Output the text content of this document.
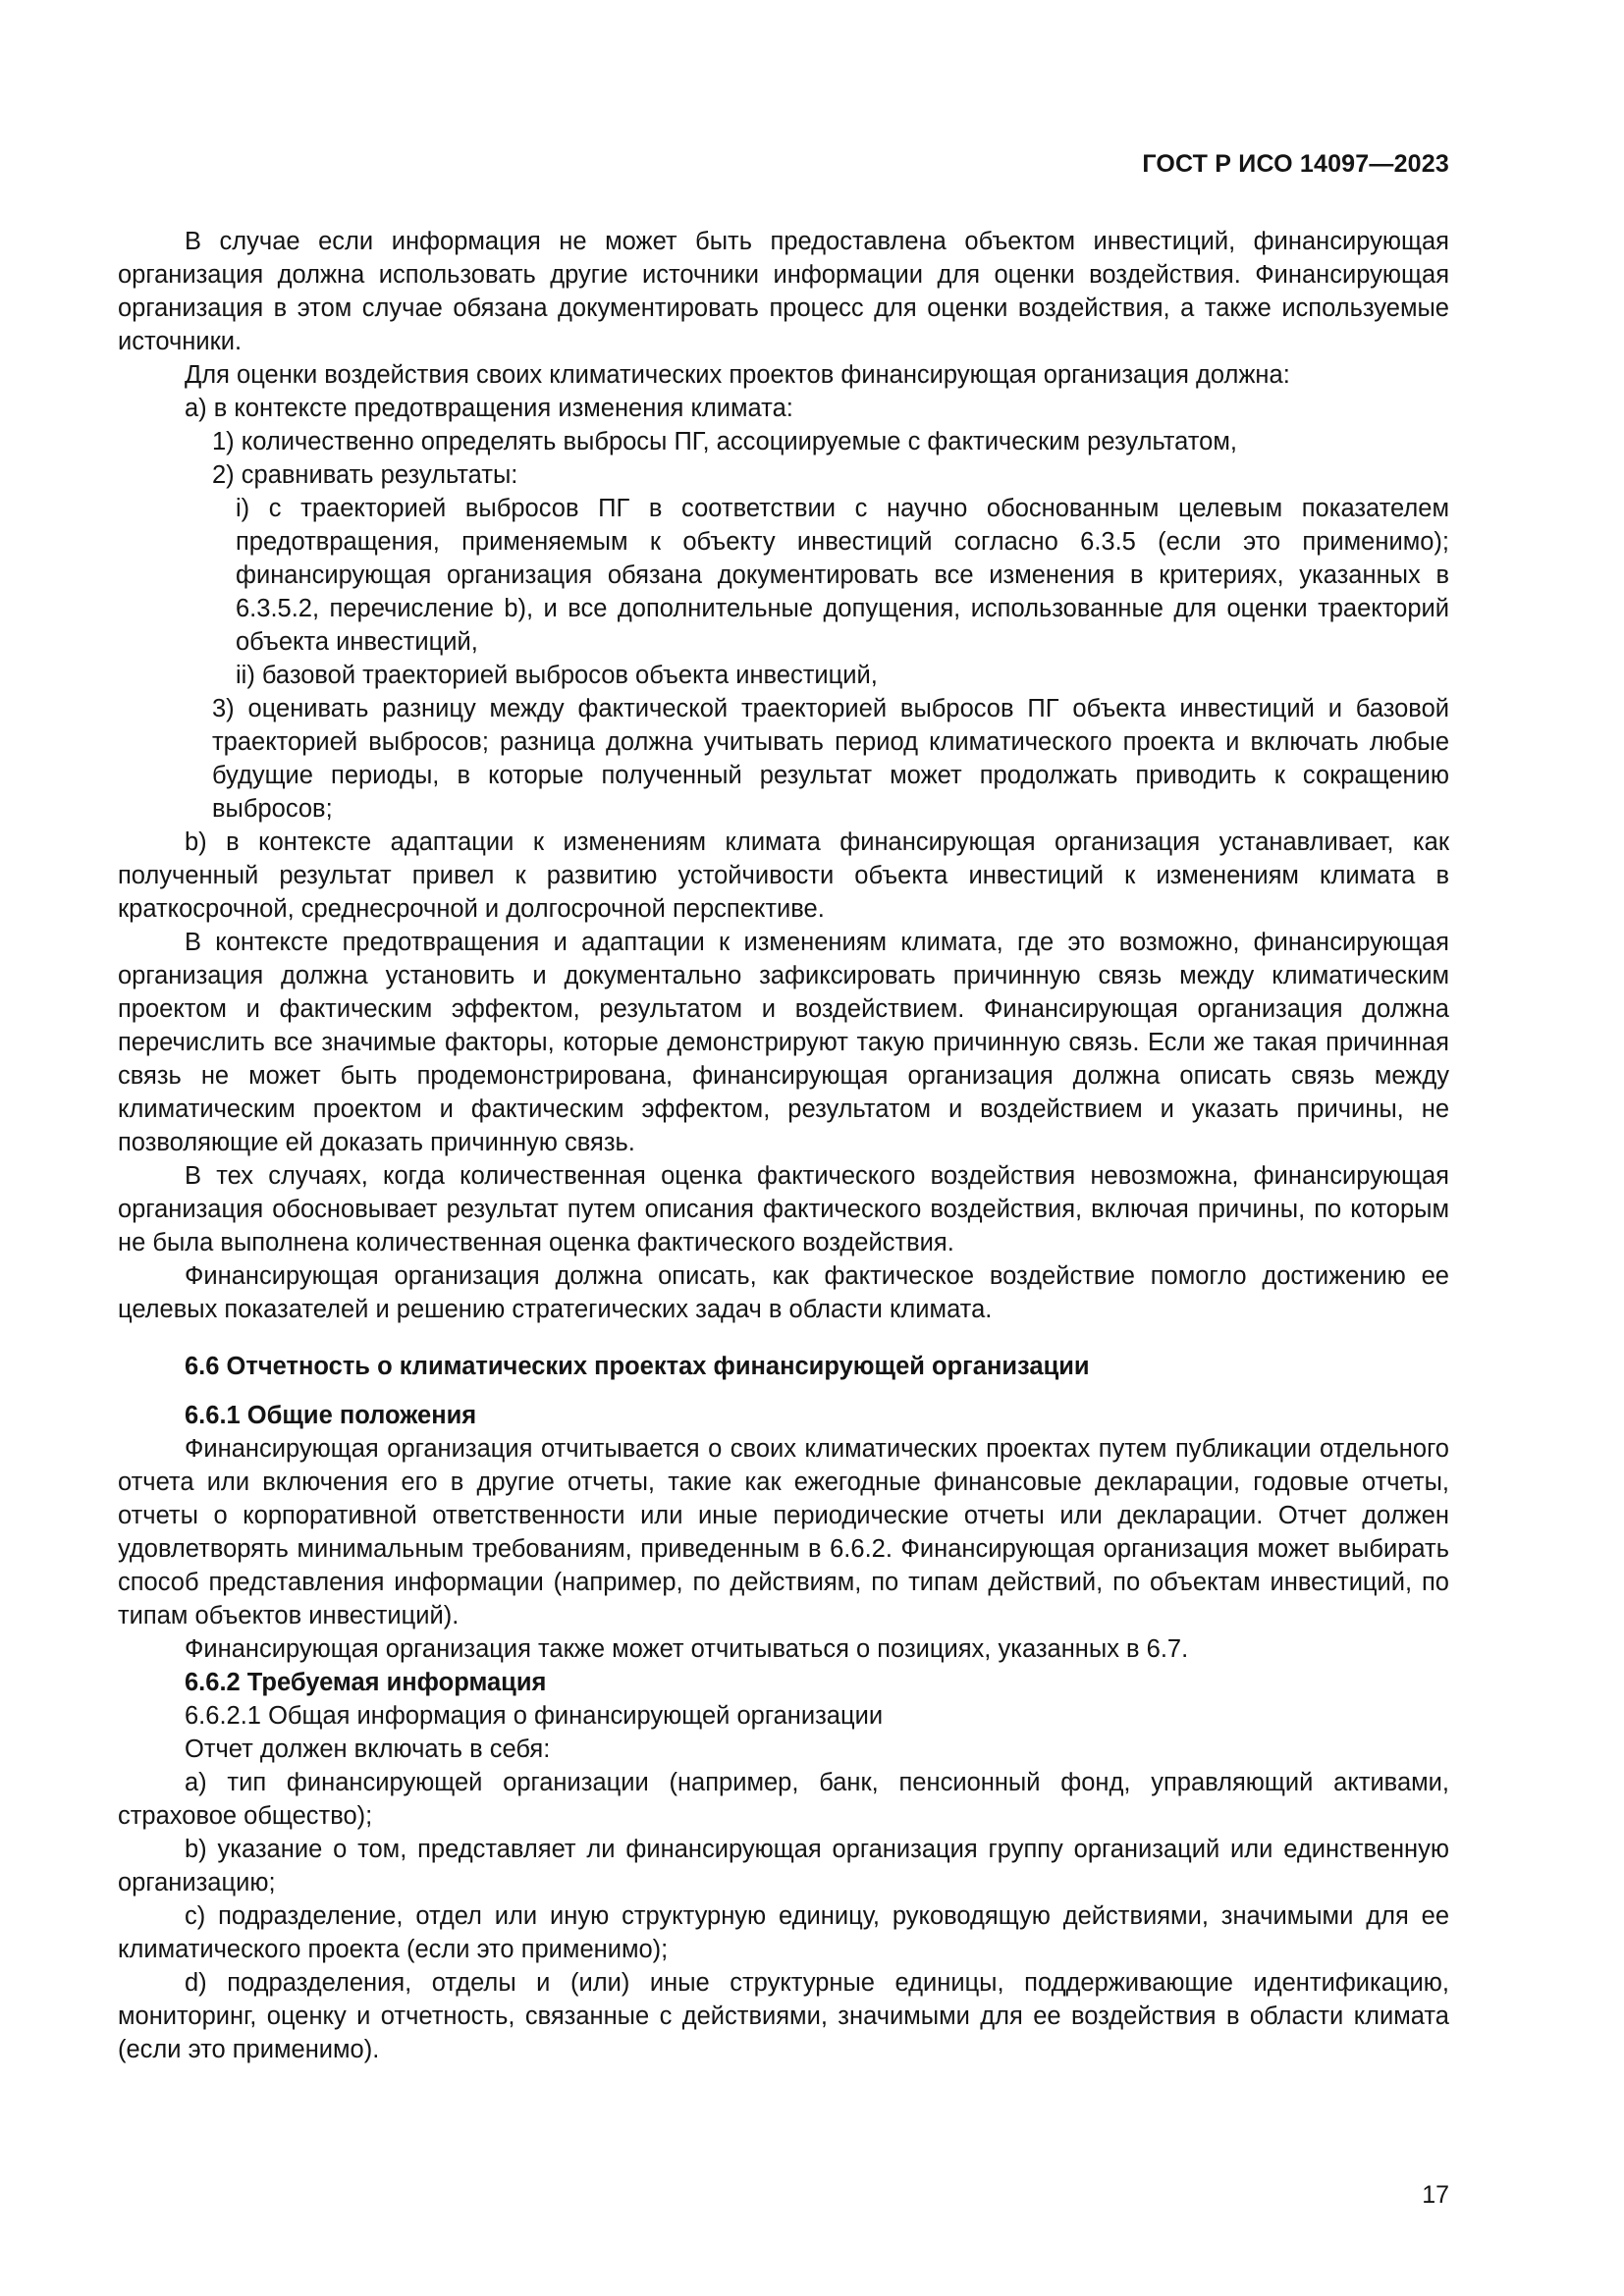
ГОСТ Р ИСО 14097—2023

В случае если информация не может быть предоставлена объектом инвестиций, финансирующая организация должна использовать другие источники информации для оценки воздействия. Финансирующая организация в этом случае обязана документировать процесс для оценки воздействия, а также используемые источники.

Для оценки воздействия своих климатических проектов финансирующая организация должна:

a) в контексте предотвращения изменения климата:

1) количественно определять выбросы ПГ, ассоциируемые с фактическим результатом,

2) сравнивать результаты:

i) с траекторией выбросов ПГ в соответствии с научно обоснованным целевым показателем предотвращения, применяемым к объекту инвестиций согласно 6.3.5 (если это применимо); финансирующая организация обязана документировать все изменения в критериях, указанных в 6.3.5.2, перечисление b), и все дополнительные допущения, использованные для оценки траекторий объекта инвестиций,

ii) базовой траекторией выбросов объекта инвестиций,

3) оценивать разницу между фактической траекторией выбросов ПГ объекта инвестиций и базовой траекторией выбросов; разница должна учитывать период климатического проекта и включать любые будущие периоды, в которые полученный результат может продолжать приводить к сокращению выбросов;

b) в контексте адаптации к изменениям климата финансирующая организация устанавливает, как полученный результат привел к развитию устойчивости объекта инвестиций к изменениям климата в краткосрочной, среднесрочной и долгосрочной перспективе.

В контексте предотвращения и адаптации к изменениям климата, где это возможно, финансирующая организация должна установить и документально зафиксировать причинную связь между климатическим проектом и фактическим эффектом, результатом и воздействием. Финансирующая организация должна перечислить все значимые факторы, которые демонстрируют такую причинную связь. Если же такая причинная связь не может быть продемонстрирована, финансирующая организация должна описать связь между климатическим проектом и фактическим эффектом, результатом и воздействием и указать причины, не позволяющие ей доказать причинную связь.

В тех случаях, когда количественная оценка фактического воздействия невозможна, финансирующая организация обосновывает результат путем описания фактического воздействия, включая причины, по которым не была выполнена количественная оценка фактического воздействия.

Финансирующая организация должна описать, как фактическое воздействие помогло достижению ее целевых показателей и решению стратегических задач в области климата.

6.6 Отчетность о климатических проектах финансирующей организации

6.6.1 Общие положения

Финансирующая организация отчитывается о своих климатических проектах путем публикации отдельного отчета или включения его в другие отчеты, такие как ежегодные финансовые декларации, годовые отчеты, отчеты о корпоративной ответственности или иные периодические отчеты или декларации. Отчет должен удовлетворять минимальным требованиям, приведенным в 6.6.2. Финансирующая организация может выбирать способ представления информации (например, по действиям, по типам действий, по объектам инвестиций, по типам объектов инвестиций).

Финансирующая организация также может отчитываться о позициях, указанных в 6.7.

6.6.2 Требуемая информация

6.6.2.1 Общая информация о финансирующей организации

Отчет должен включать в себя:

a) тип финансирующей организации (например, банк, пенсионный фонд, управляющий активами, страховое общество);

b) указание о том, представляет ли финансирующая организация группу организаций или единственную организацию;

c) подразделение, отдел или иную структурную единицу, руководящую действиями, значимыми для ее климатического проекта (если это применимо);

d) подразделения, отделы и (или) иные структурные единицы, поддерживающие идентификацию, мониторинг, оценку и отчетность, связанные с действиями, значимыми для ее воздействия в области климата (если это применимо).

17
